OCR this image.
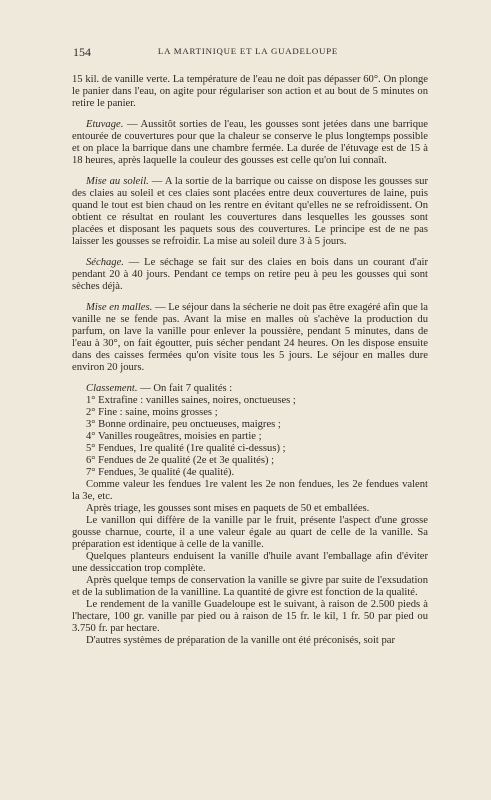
154	LA MARTINIQUE ET LA GUADELOUPE

15 kil. de vanille verte. La température de l'eau ne doit pas dépasser 60°. On plonge le panier dans l'eau, on agite pour régulariser son action et au bout de 5 minutes on retire le panier.

Etuvage. — Aussitôt sorties de l'eau, les gousses sont jetées dans une barrique entourée de couvertures pour que la chaleur se conserve le plus longtemps possible et on place la barrique dans une chambre fermée. La durée de l'étuvage est de 15 à 18 heures, après laquelle la couleur des gousses est celle qu'on lui connaît.

Mise au soleil. — A la sortie de la barrique ou caisse on dispose les gousses sur des claies au soleil et ces claies sont placées entre deux couvertures de laine, puis quand le tout est bien chaud on les rentre en évitant qu'elles ne se refroidissent. On obtient ce résultat en roulant les couvertures dans lesquelles les gousses sont placées et disposant les paquets sous des couvertures. Le principe est de ne pas laisser les gousses se refroidir. La mise au soleil dure 3 à 5 jours.

Séchage. — Le séchage se fait sur des claies en bois dans un courant d'air pendant 20 à 40 jours. Pendant ce temps on retire peu à peu les gousses qui sont sèches déjà.

Mise en malles. — Le séjour dans la sécherie ne doit pas être exagéré afin que la vanille ne se fende pas. Avant la mise en malles où s'achève la production du parfum, on lave la vanille pour enlever la poussière, pendant 5 minutes, dans de l'eau à 30°, on fait égoutter, puis sécher pendant 24 heures. On les dispose ensuite dans des caisses fermées qu'on visite tous les 5 jours. Le séjour en malles dure environ 20 jours.

Classement. — On fait 7 qualités :

1° Extrafine : vanilles saines, noires, onctueuses ;
2° Fine : saine, moins grosses ;
3° Bonne ordinaire, peu onctueuses, maigres ;
4° Vanilles rougeâtres, moisies en partie ;
5° Fendues, 1re qualité (1re qualité ci-dessus) ;
6° Fendues de 2e qualité (2e et 3e qualités) ;
7° Fendues, 3e qualité (4e qualité).

Comme valeur les fendues 1re valent les 2e non fendues, les 2e fendues valent la 3e, etc.

Après triage, les gousses sont mises en paquets de 50 et emballées.

Le vanillon qui diffère de la vanille par le fruit, présente l'aspect d'une grosse gousse charnue, courte, il a une valeur égale au quart de celle de la vanille. Sa préparation est identique à celle de la vanille.

Quelques planteurs enduisent la vanille d'huile avant l'emballage afin d'éviter une dessiccation trop complète.

Après quelque temps de conservation la vanille se givre par suite de l'exsudation et de la sublimation de la vanilline. La quantité de givre est fonction de la qualité.

Le rendement de la vanille Guadeloupe est le suivant, à raison de 2.500 pieds à l'hectare, 100 gr. vanille par pied ou à raison de 15 fr. le kil, 1 fr. 50 par pied ou 3.750 fr. par hectare.

D'autres systèmes de préparation de la vanille ont été préconisés, soit par
